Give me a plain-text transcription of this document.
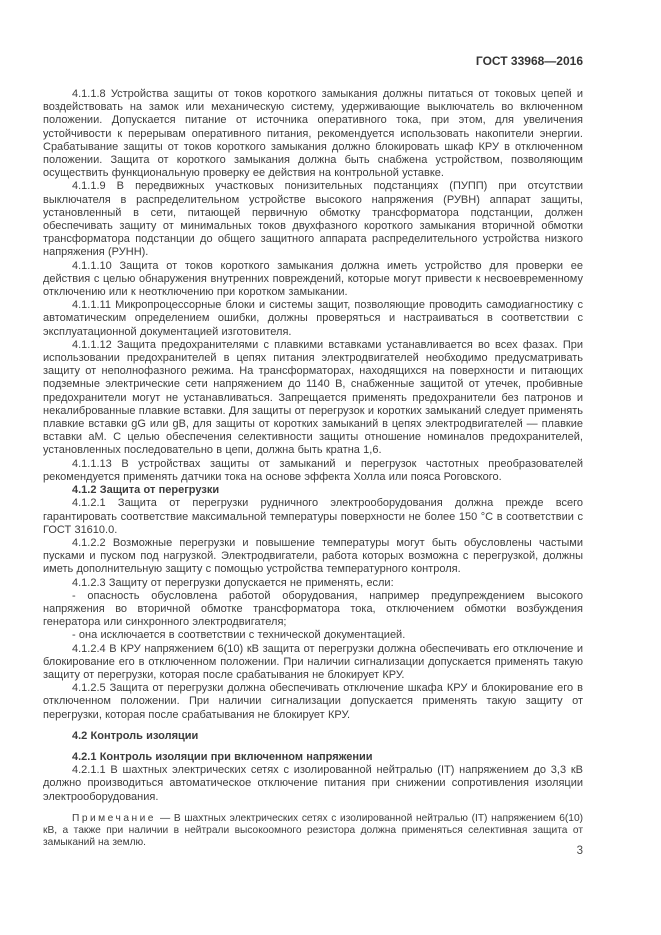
ГОСТ 33968—2016

4.1.1.8 Устройства защиты от токов короткого замыкания должны питаться от токовых цепей и воздействовать на замок или механическую систему, удерживающие выключатель во включенном положении. Допускается питание от источника оперативного тока, при этом, для увеличения устойчивости к перерывам оперативного питания, рекомендуется использовать накопители энергии. Срабатывание защиты от токов короткого замыкания должно блокировать шкаф КРУ в отключенном положении. Защита от короткого замыкания должна быть снабжена устройством, позволяющим осуществить функциональную проверку ее действия на контрольной уставке.

4.1.1.9 В передвижных участковых понизительных подстанциях (ПУПП) при отсутствии выключателя в распределительном устройстве высокого напряжения (РУВН) аппарат защиты, установленный в сети, питающей первичную обмотку трансформатора подстанции, должен обеспечивать защиту от минимальных токов двухфазного короткого замыкания вторичной обмотки трансформатора подстанции до общего защитного аппарата распределительного устройства низкого напряжения (РУНН).

4.1.1.10 Защита от токов короткого замыкания должна иметь устройство для проверки ее действия с целью обнаружения внутренних повреждений, которые могут привести к несвоевременному отключению или к неотключению при коротком замыкании.

4.1.1.11 Микропроцессорные блоки и системы защит, позволяющие проводить самодиагностику с автоматическим определением ошибки, должны проверяться и настраиваться в соответствии с эксплуатационной документацией изготовителя.

4.1.1.12 Защита предохранителями с плавкими вставками устанавливается во всех фазах. При использовании предохранителей в цепях питания электродвигателей необходимо предусматривать защиту от неполнофазного режима. На трансформаторах, находящихся на поверхности и питающих подземные электрические сети напряжением до 1140 В, снабженные защитой от утечек, пробивные предохранители могут не устанавливаться. Запрещается применять предохранители без патронов и некалиброванные плавкие вставки. Для защиты от перегрузок и коротких замыканий следует применять плавкие вставки gG или gB, для защиты от коротких замыканий в цепях электродвигателей — плавкие вставки аМ. С целью обеспечения селективности защиты отношение номиналов предохранителей, установленных последовательно в цепи, должна быть кратна 1,6.

4.1.1.13 В устройствах защиты от замыканий и перегрузок частотных преобразователей рекомендуется применять датчики тока на основе эффекта Холла или пояса Роговского.

4.1.2 Защита от перегрузки

4.1.2.1 Защита от перегрузки рудничного электрооборудования должна прежде всего гарантировать соответствие максимальной температуры поверхности не более 150 °С в соответствии с ГОСТ 31610.0.

4.1.2.2 Возможные перегрузки и повышение температуры могут быть обусловлены частыми пусками и пуском под нагрузкой. Электродвигатели, работа которых возможна с перегрузкой, должны иметь дополнительную защиту с помощью устройства температурного контроля.

4.1.2.3 Защиту от перегрузки допускается не применять, если:

- опасность обусловлена работой оборудования, например предупреждением высокого напряжения во вторичной обмотке трансформатора тока, отключением обмотки возбуждения генератора или синхронного электродвигателя;

- она исключается в соответствии с технической документацией.

4.1.2.4 В КРУ напряжением 6(10) кВ защита от перегрузки должна обеспечивать его отключение и блокирование его в отключенном положении. При наличии сигнализации допускается применять такую защиту от перегрузки, которая после срабатывания не блокирует КРУ.

4.1.2.5 Защита от перегрузки должна обеспечивать отключение шкафа КРУ и блокирование его в отключенном положении. При наличии сигнализации допускается применять такую защиту от перегрузки, которая после срабатывания не блокирует КРУ.

4.2 Контроль изоляции

4.2.1 Контроль изоляции при включенном напряжении

4.2.1.1 В шахтных электрических сетях с изолированной нейтралью (IT) напряжением до 3,3 кВ должно производиться автоматическое отключение питания при снижении сопротивления изоляции электрооборудования.

Примечание — В шахтных электрических сетях с изолированной нейтралью (IT) напряжением 6(10) кВ, а также при наличии в нейтрали высокоомного резистора должна применяться селективная защита от замыканий на землю.

3
